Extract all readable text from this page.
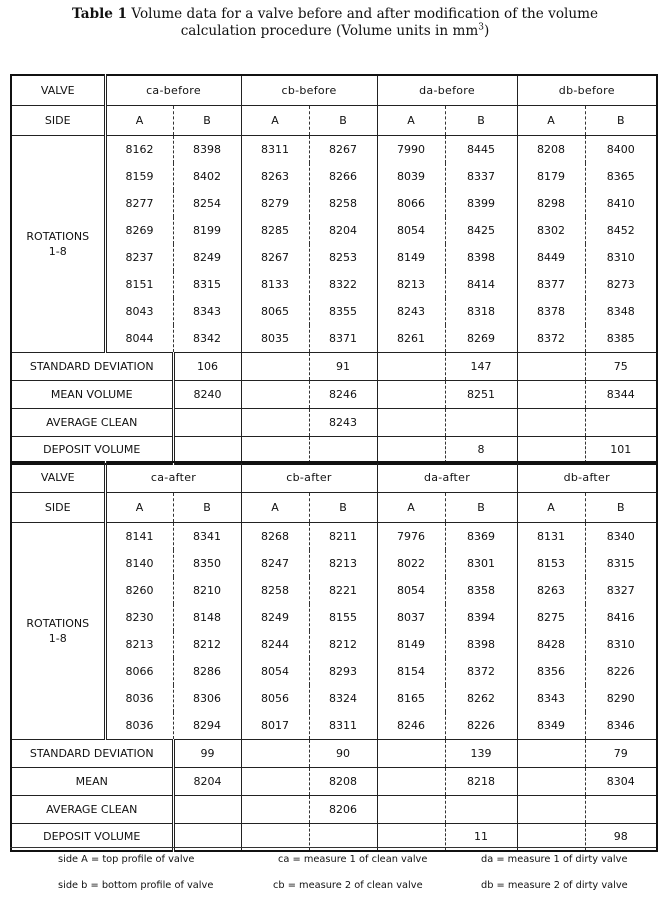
Table 1 Volume data for a valve before and after modification of the volume
calculation procedure (Volume units in $mm^3$)
VALVE	ca-before		cb-before		da-before		db-before	
SIDE	A	B	A	B	A	B	A	B

ROTATIONS
1-8	8162	8398	8311	8267	7990	8445	8208	8400
	8159	8402	8263	8266	8039	8337	8179	8365
	8277	8254	8279	8258	8066	8399	8298	8410
	8269	8199	8285	8204	8054	8425	8302	8452
	8237	8249	8267	8253	8149	8398	8449	8310
	8151	8315	8133	8322	8213	8414	8377	8273
	8043	8343	8065	8355	8243	8318	8378	8348
	8044	8342	8035	8371	8261	8269	8372	8385
STANDARD DEVIATION		106		91		147		75
MEAN VOLUME		8240		8246		8251		8344
AVERAGE CLEAN				8243				
DEPOSIT VOLUME						8		101
VALVE	ca-after		cb-after		da-after		db-after	
SIDE	A	B	A	B	A	B	A	B

ROTATIONS
1-8	8141	8341	8268	8211	7976	8369	8131	8340
	8140	8350	8247	8213	8022	8301	8153	8315
	8260	8210	8258	8221	8054	8358	8263	8327
	8230	8148	8249	8155	8037	8394	8275	8416
	8213	8212	8244	8212	8149	8398	8428	8310
	8066	8286	8054	8293	8154	8372	8356	8226
	8036	8306	8056	8324	8165	8262	8343	8290
	8036	8294	8017	8311	8246	8226	8349	8346
STANDARD DEVIATION		99		90		139		79
MEAN		8204		8208		8218		8304
AVERAGE CLEAN				8206				
DEPOSIT VOLUME						11		98
side A = top profile of valve
side b = bottom profile of valve
ca = measure 1 of clean valve
cb = measure 2 of clean valve
da = measure 1 of dirty valve
db = measure 2 of dirty valve
